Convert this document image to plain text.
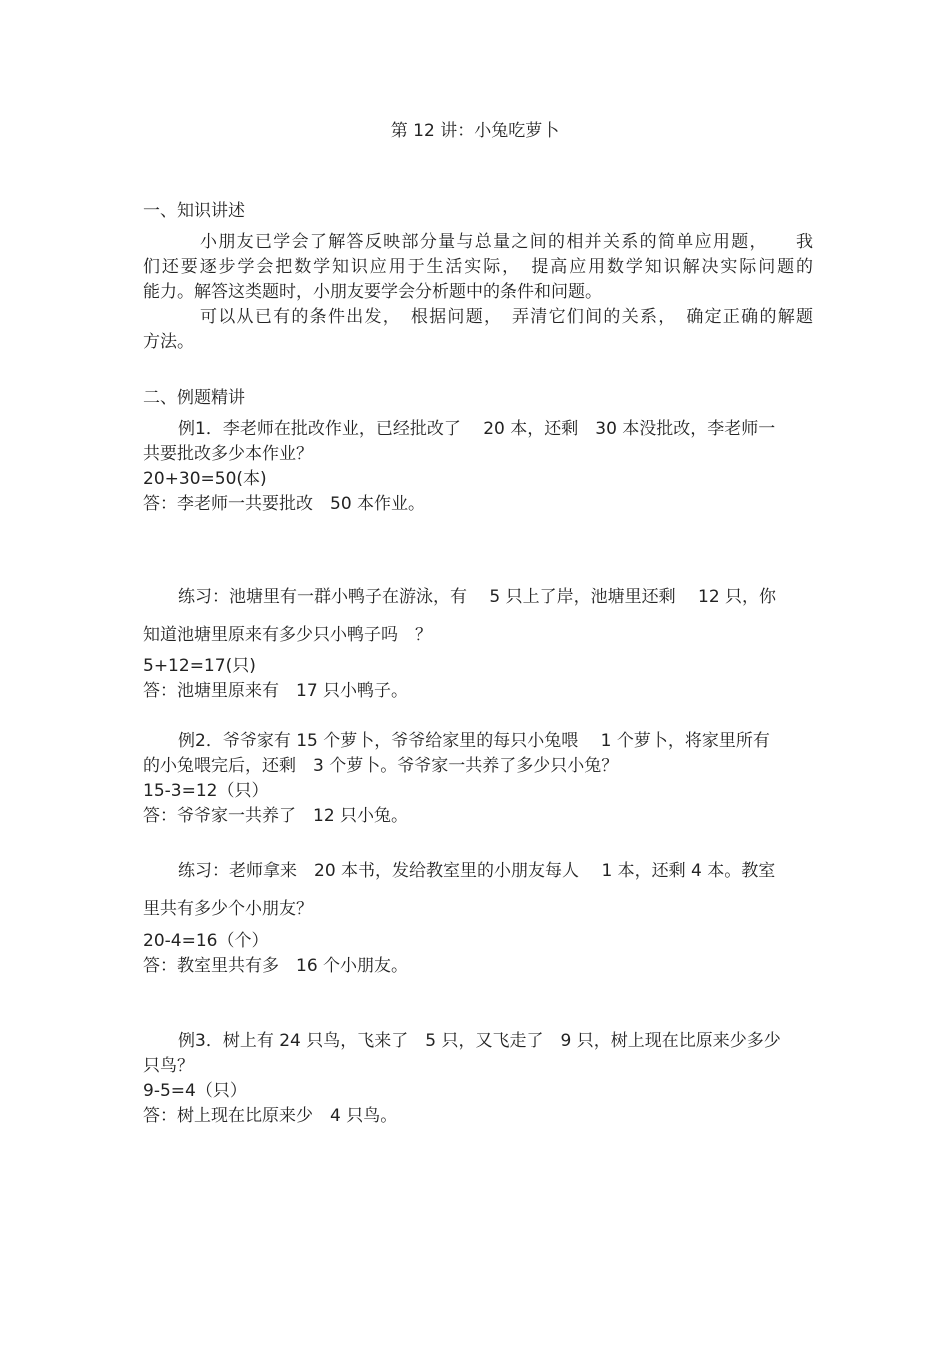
第 12 讲：小兔吃萝卜

一、知识讲述

小朋友已学会了解答反映部分量与总量之间的相并关系的简单应用题，　　我

们还要逐步学会把数学知识应用于生活实际，　提高应用数学知识解决实际问题的

能力。解答这类题时，小朋友要学会分析题中的条件和问题。

可以从已有的条件出发，　根据问题，　弄清它们间的关系，　确定正确的解题

方法。

二、例题精讲

例1．李老师在批改作业，已经批改了　 20 本，还剩　30 本没批改，李老师一

共要批改多少本作业？

20+30=50(本)

答：李老师一共要批改　50 本作业。

练习：池塘里有一群小鸭子在游泳，有　 5 只上了岸，池塘里还剩　 12 只，你

知道池塘里原来有多少只小鸭子吗　？

5+12=17(只)

答：池塘里原来有　17 只小鸭子。

例2．爷爷家有 15 个萝卜，爷爷给家里的每只小兔喂　 1 个萝卜，将家里所有

的小兔喂完后，还剩　3 个萝卜。爷爷家一共养了多少只小兔？

15-3=12（只）

答：爷爷家一共养了　12 只小兔。

练习：老师拿来　20 本书，发给教室里的小朋友每人　 1 本，还剩 4 本。教室

里共有多少个小朋友？

20-4=16（个）

答：教室里共有多　16 个小朋友。

例3．树上有 24 只鸟，飞来了　5 只，又飞走了　9 只，树上现在比原来少多少

只鸟？

9-5=4（只）

答：树上现在比原来少　4 只鸟。
